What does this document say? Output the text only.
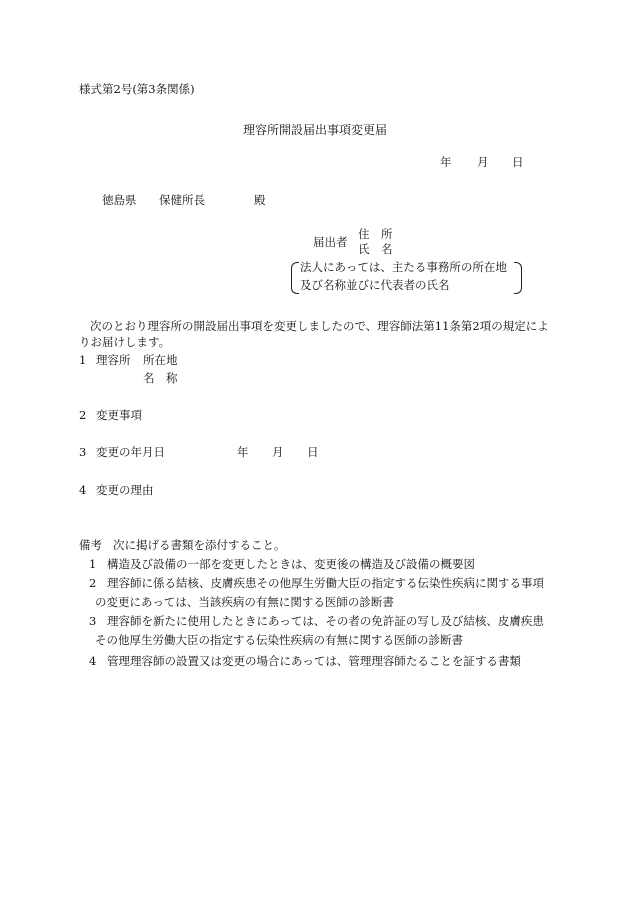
様式第2号(第3条関係)
理容所開設届出事項変更届
年 月 日
徳島県 保健所長	殿
届出者
住　所
氏　名
法人にあっては、主たる事務所の所在地
及び名称並びに代表者の氏名
次のとおり理容所の開設届出事項を変更しましたので、理容師法第11条第2項の規定によ
りお届けします。
1 理容所 所在地
名　称
2 変更事項
3 変更の年月日	年 月 日
4 変更の理由
備考 次に掲げる書類を添付すること。
1 構造及び設備の一部を変更したときは、変更後の構造及び設備の概要図
2 理容師に係る結核、皮膚疾患その他厚生労働大臣の指定する伝染性疾病に関する事項
の変更にあっては、当該疾病の有無に関する医師の診断書
3 理容師を新たに使用したときにあっては、その者の免許証の写し及び結核、皮膚疾患
その他厚生労働大臣の指定する伝染性疾病の有無に関する医師の診断書
4 管理理容師の設置又は変更の場合にあっては、管理理容師たることを証する書類
